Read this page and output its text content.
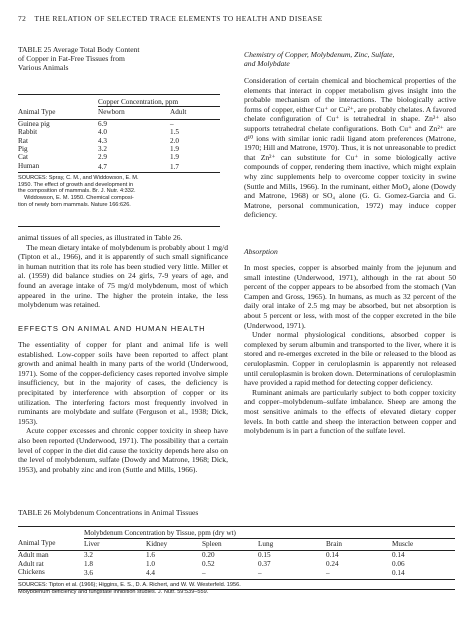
72 THE RELATION OF SELECTED TRACE ELEMENTS TO HEALTH AND DISEASE
TABLE 25 Average Total Body Content
of Copper in Fat-Free Tissues from
Various Animals
	Copper Concentration, ppm	
Animal Type	Newborn	Adult
Guinea pig	6.9	–
Rabbit	4.0	1.5
Rat	4.3	2.0
Pig	3.2	1.9
Cat	2.9	1.9
Human	4.7	1.7

SOURCES: Spray, C. M., and Widdowson, E. M.
1950. The effect of growth and development in
the composition of mammals. Br. J. Nutr. 4:332.
Widdowson, E. M. 1950. Chemical composi-
tion of newly born mammals. Nature 166:626.		

animal tissues of all species, as illustrated in Table 26.

The mean dietary intake of molybdenum is probably about 1 mg/d (Tipton et al., 1966), and it is apparently of such small significance in human nutrition that its role has been studied very little. Miller et al. (1959) did balance studies on 24 girls, 7-9 years of age, and found an average intake of 75 mg/d molybdenum, most of which appeared in the urine. The higher the protein intake, the less molybdenum was retained.

EFFECTS ON ANIMAL AND HUMAN HEALTH

The essentiality of copper for plant and animal life is well established. Low-copper soils have been reported to affect plant growth and animal health in many parts of the world (Underwood, 1971). Some of the copper-deficiency cases reported involve simple insufficiency, but in the majority of cases, the deficiency is precipitated by interference with absorption of copper or its utilization. The interfering factors most frequently involved in ruminants are molybdate and sulfate (Ferguson et al., 1938; Dick, 1953).

Acute copper excesses and chronic copper toxicity in sheep have also been reported (Underwood, 1971). The possibility that a certain level of copper in the diet did cause the toxicity depends here also on the level of molybdenum, sulfate (Dowdy and Matrone, 1968; Dick, 1953), and probably zinc and iron (Suttle and Mills, 1966).

Chemistry of Copper, Molybdenum, Zinc, Sulfate,
and Molybdate

Consideration of certain chemical and biochemical properties of the elements that interact in copper metabolism gives insight into the probable mechanism of the interactions. The biologically active forms of copper, either Cu⁺ or Cu²⁺, are probably chelates. A favored chelate configuration of Cu⁺ is tetrahedral in shape. Zn²⁺ also supports tetrahedral chelate configurations. Both Cu⁺ and Zn²⁺ are d¹⁰ ions with similar ionic radii ligand atom preferences (Matrone, 1970; Hill and Matrone, 1970). Thus, it is not unreasonable to predict that Zn²⁺ can substitute for Cu⁺ in some biologically active compounds of copper, rendering them inactive, which might explain why zinc supplements help to overcome copper toxicity in swine (Suttle and Mills, 1966). In the ruminant, either MoO₄ alone (Dowdy and Matrone, 1968) or SO₄ alone (G. G. Gomez-Garcia and G. Matrone, personal communication, 1972) may induce copper deficiency.

Absorption

In most species, copper is absorbed mainly from the jejunum and small intestine (Underwood, 1971), although in the rat about 50 percent of the copper appears to be absorbed from the stomach (Van Campen and Gross, 1965). In humans, as much as 32 percent of the daily oral intake of 2.5 mg may be absorbed, but net absorption is about 5 percent or less, with most of the copper excreted in the bile (Underwood, 1971).

Under normal physiological conditions, absorbed copper is complexed by serum albumin and transported to the liver, where it is stored and re-emerges excreted in the bile or released to the blood as ceruloplasmin. Copper in ceruloplasmin is apparently not released until ceruloplasmin is broken down. Determinations of ceruloplasmin have provided a rapid method for detecting copper deficiency.

Ruminant animals are particularly subject to both copper toxicity and copper–molybdenum–sulfate imbalance. Sheep are among the most sensitive animals to the effects of elevated dietary copper levels. In both cattle and sheep the interaction between copper and molybdenum is in part a function of the sulfate level.

TABLE 26 Molybdenum Concentrations in Animal Tissues
	Molybdenum Concentration by Tissue, ppm (dry wt)					
Animal Type	Liver	Kidney	Spleen	Lung	Brain	Muscle
Adult man	3.2	1.6	0.20	0.15	0.14	0.14
Adult rat	1.8	1.0	0.52	0.37	0.24	0.06
Chickens	3.6	4.4	–	–	–	0.14

SOURCES: Tipton et al. (1966); Higgins, E. S., D. A. Richert, and W. W. Westerfeld. 1956.
Molybdenum deficiency and tungstate inhibition studies. J. Nutr. 59:539–559.						
